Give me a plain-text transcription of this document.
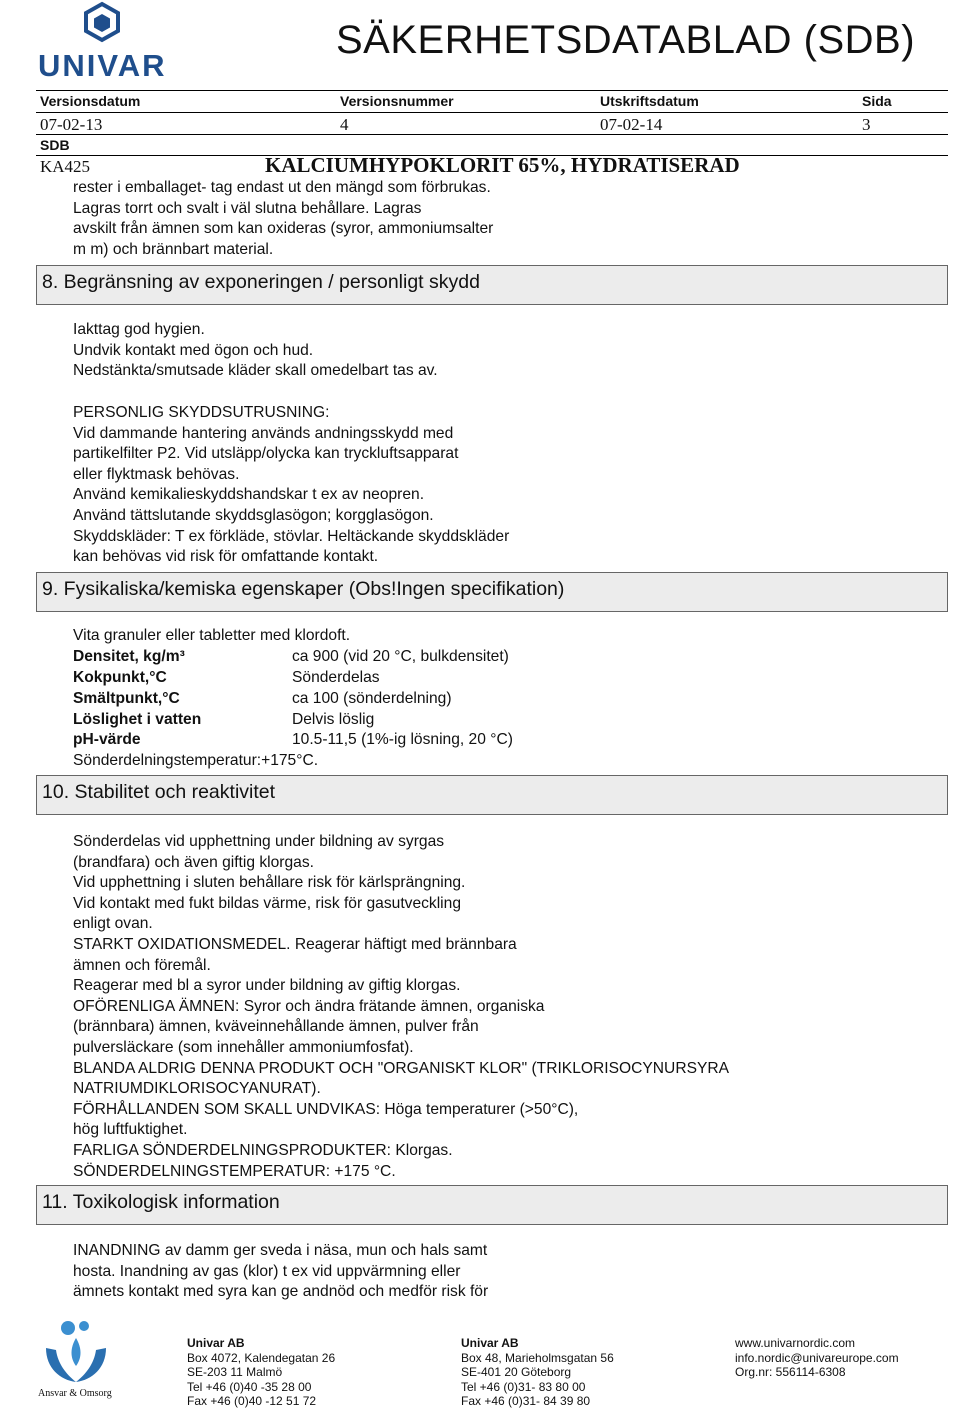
UNIVAR
SÄKERHETSDATABLAD (SDB)
Versionsdatum	Versionsnummer	Utskriftsdatum	Sida
07-02-13	4	07-02-14	3
SDB
KA425	KALCIUMHYPOKLORIT 65%, HYDRATISERAD
rester i emballaget- tag endast ut den mängd som förbrukas.
Lagras torrt och svalt i väl slutna behållare. Lagras
avskilt från ämnen som kan oxideras (syror, ammoniumsalter
m m) och brännbart material.
8. Begränsning av exponeringen / personligt skydd
Iakttag god hygien.
Undvik kontakt med ögon och hud.
Nedstänkta/smutsade kläder skall omedelbart tas av.
PERSONLIG SKYDDSUTRUSNING:
Vid dammande hantering används andningsskydd med
partikelfilter P2. Vid utsläpp/olycka kan tryckluftsapparat
eller flyktmask behövas.
Använd kemikalieskyddshandskar t ex av neopren.
Använd tättslutande skyddsglasögon; korgglasögon.
Skyddskläder: T ex förkläde, stövlar. Heltäckande skyddskläder
kan behövas vid risk för omfattande kontakt.
9. Fysikaliska/kemiska egenskaper (Obs!Ingen specifikation)
Vita granuler eller tabletter med klordoft.
Densitet, kg/m³	ca 900 (vid 20 °C, bulkdensitet)
Kokpunkt,°C	Sönderdelas
Smältpunkt,°C	ca 100 (sönderdelning)
Löslighet i vatten	Delvis löslig
pH-värde	10.5-11,5 (1%-ig lösning, 20 °C)
Sönderdelningstemperatur:+175°C.
10. Stabilitet och reaktivitet
Sönderdelas vid upphettning under bildning av syrgas
(brandfara) och även giftig klorgas.
Vid upphettning i sluten behållare risk för kärlsprängning.
Vid kontakt med fukt bildas värme, risk för gasutveckling
enligt ovan.
STARKT OXIDATIONSMEDEL. Reagerar häftigt med brännbara
ämnen och föremål.
Reagerar med bl a syror under bildning av giftig klorgas.
OFÖRENLIGA ÄMNEN: Syror och ändra frätande ämnen, organiska
(brännbara) ämnen, kväveinnehållande ämnen, pulver från
pulversläckare (som innehåller ammoniumfosfat).
BLANDA ALDRIG DENNA PRODUKT OCH "ORGANISKT KLOR" (TRIKLORISOCYNURSYRA
NATRIUMDIKLORISOCYANURAT).
FÖRHÅLLANDEN SOM SKALL UNDVIKAS: Höga temperaturer (>50°C),
hög luftfuktighet.
FARLIGA SÖNDERDELNINGSPRODUKTER: Klorgas.
SÖNDERDELNINGSTEMPERATUR: +175 °C.
11. Toxikologisk information
INANDNING av damm ger sveda i näsa, mun och hals samt
hosta. Inandning av gas (klor) t ex vid uppvärmning eller
ämnets kontakt med syra kan ge andnöd och medför risk för
Ansvar & Omsorg
Univar AB
Box 4072, Kalendegatan 26
SE-203 11 Malmö
Tel +46 (0)40 -35 28 00
Fax +46 (0)40 -12 51 72
Univar AB
Box 48, Marieholmsgatan 56
SE-401 20 Göteborg
Tel +46 (0)31- 83 80 00
Fax +46 (0)31- 84 39 80
www.univarnordic.com
info.nordic@univareurope.com
Org.nr: 556114-6308
